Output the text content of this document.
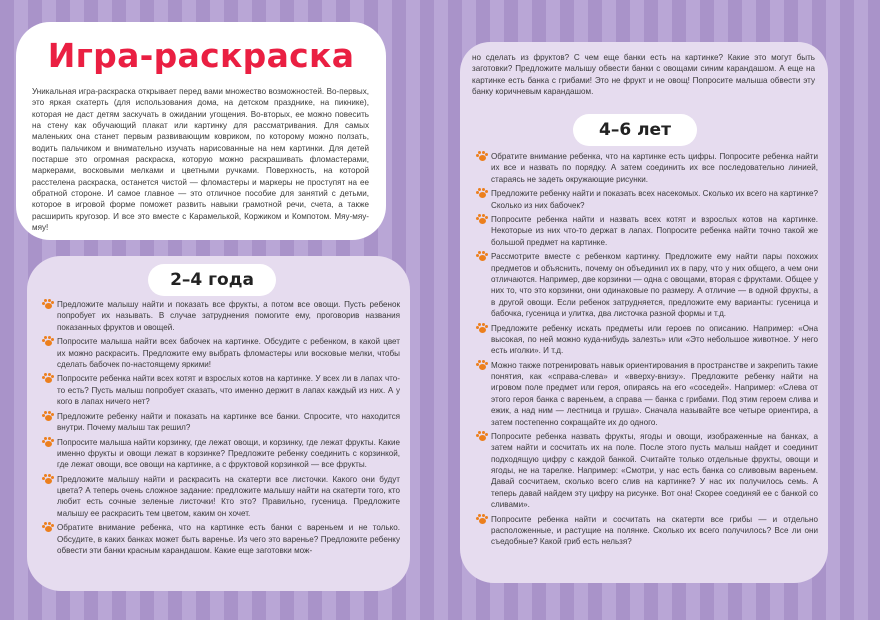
Игра-раскраска
Уникальная игра-раскраска открывает перед вами множество возможностей. Во-первых, это яркая скатерть (для использования дома, на детском празднике, на пикнике), которая не даст детям заскучать в ожидании угощения. Во-вторых, ее можно повесить на стену как обучающий плакат или картинку для рассматривания. Для самых маленьких она станет первым развивающим ковриком, по которому можно ползать, водить пальчиком и внимательно изучать нарисованные на нем картинки. Для детей постарше это огромная раскраска, которую можно раскрашивать фломастерами, маркерами, восковыми мелками и цветными ручками. Поверхность, на которой расстелена раскраска, останется чистой — фломастеры и маркеры не проступят на ее обратной стороне. И самое главное — это отличное пособие для занятий с детьми, которое в игровой форме поможет развить навыки грамотной речи, счета, а также расширить кругозор. И все это вместе с Карамелькой, Коржиком и Компотом. Мяу-мяу-мяу!
2–4 года
Предложите малышу найти и показать все фрукты, а потом все овощи. Пусть ребенок попробует их называть. В случае затруднения помогите ему, проговорив названия показанных фруктов и овощей.
Попросите малыша найти всех бабочек на картинке. Обсудите с ребенком, в какой цвет их можно раскрасить. Предложите ему выбрать фломастеры или восковые мелки, чтобы сделать бабочек по-настоящему яркими!
Попросите ребенка найти всех котят и взрослых котов на картинке. У всех ли в лапах что-то есть? Пусть малыш попробует сказать, что именно держит в лапах каждый из них. А у кого в лапах ничего нет?
Предложите ребенку найти и показать на картинке все банки. Спросите, что находится внутри. Почему малыш так решил?
Попросите малыша найти корзинку, где лежат овощи, и корзинку, где лежат фрукты. Какие именно фрукты и овощи лежат в корзинке? Предложите ребенку соединить с корзинкой, где лежат овощи, все овощи на картинке, а с фруктовой корзинкой — все фрукты.
Предложите малышу найти и раскрасить на скатерти все листочки. Какого они будут цвета? А теперь очень сложное задание: предложите малышу найти на скатерти того, кто любит есть сочные зеленые листочки! Кто это? Правильно, гусеница. Предложите малышу ее раскрасить тем цветом, каким он хочет.
Обратите внимание ребенка, что на картинке есть банки с вареньем и не только. Обсудите, в каких банках может быть варенье. Из чего это варенье? Предложите ребенку обвести эти банки красным карандашом. Какие еще заготовки мож-
но сделать из фруктов? С чем еще банки есть на картинке? Какие это могут быть заготовки? Предложите малышу обвести банки с овощами синим карандашом. А еще на картинке есть банка с грибами! Это не фрукт и не овощ! Попросите малыша обвести эту банку коричневым карандашом.
4–6 лет
Обратите внимание ребенка, что на картинке есть цифры. Попросите ребенка найти их все и назвать по порядку. А затем соединить их все последовательно линией, стараясь не задеть окружающие рисунки.
Предложите ребенку найти и показать всех насекомых. Сколько их всего на картинке? Сколько из них бабочек?
Попросите ребенка найти и назвать всех котят и взрослых котов на картинке. Некоторые из них что-то держат в лапах. Попросите ребенка найти точно такой же большой предмет на картинке.
Рассмотрите вместе с ребенком картинку. Предложите ему найти пары похожих предметов и объяснить, почему он объединил их в пару, что у них общего, а чем они отличаются. Например, две корзинки — одна с овощами, вторая с фруктами. Общее у них то, что это корзинки, они одинаковые по размеру. А отличие — в одной фрукты, а в другой овощи. Если ребенок затрудняется, предложите ему варианты: гусеница и бабочка, гусеница и улитка, два листочка разной формы и т.д.
Предложите ребенку искать предметы или героев по описанию. Например: «Она высокая, по ней можно куда-нибудь залезть» или «Это небольшое животное. У него есть иголки». И т.д.
Можно также потренировать навык ориентирования в пространстве и закрепить такие понятия, как «справа-слева» и «вверху-внизу». Предложите ребенку найти на игровом поле предмет или героя, опираясь на его «соседей». Например: «Слева от этого героя банка с вареньем, а справа — банка с грибами. Под этим героем слива и ежик, а над ним — лестница и груша». Сначала называйте все четыре ориентира, а затем постепенно сокращайте их до одного.
Попросите ребенка назвать фрукты, ягоды и овощи, изображенные на банках, а затем найти и сосчитать их на поле. После этого пусть малыш найдет и соединит подходящую цифру с каждой банкой. Считайте только отдельные фрукты, овощи и ягоды, не на тарелке. Например: «Смотри, у нас есть банка со сливовым вареньем. Давай сосчитаем, сколько всего слив на картинке? У нас их получилось семь. А теперь давай найдем эту цифру на рисунке. Вот она! Скорее соединяй ее с банкой со сливами».
Попросите ребенка найти и сосчитать на скатерти все грибы — и отдельно расположенные, и растущие на полянке. Сколько их всего получилось? Все ли они съедобные? Какой гриб есть нельзя?
